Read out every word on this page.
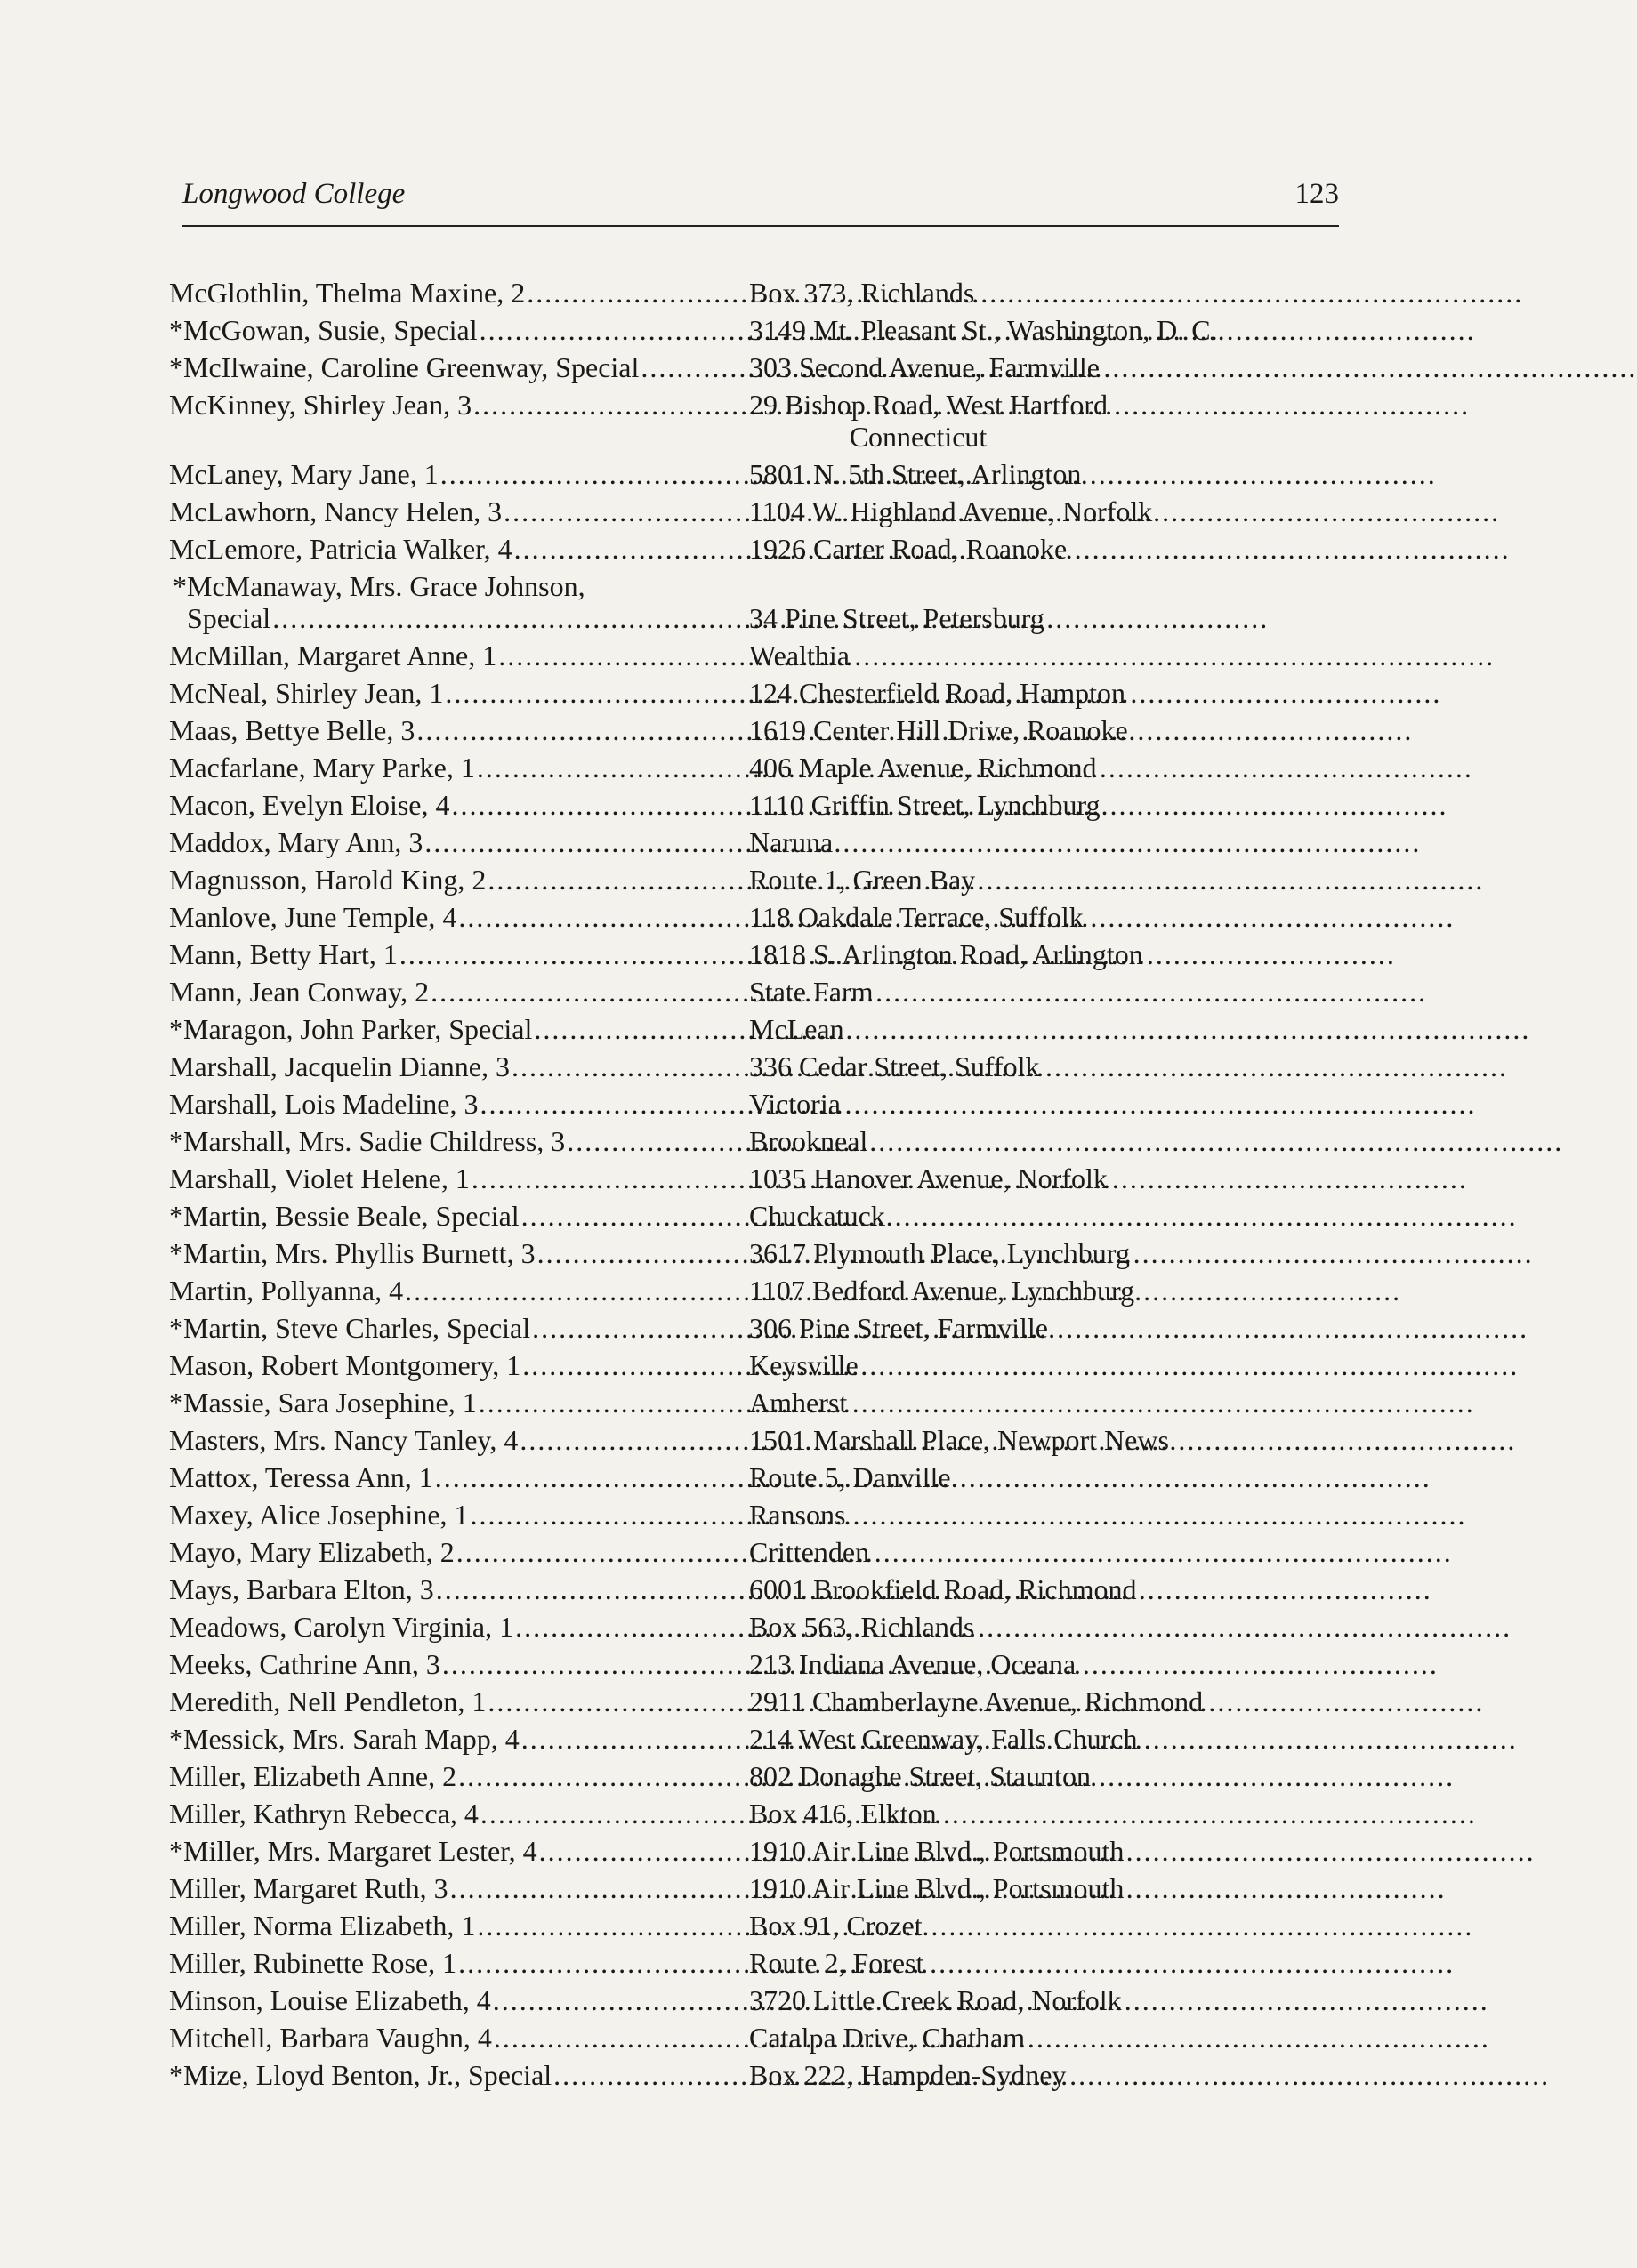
Longwood College	123
McGlothlin, Thelma Maxine, 2 .....	Box 373, Richlands
* McGowan, Susie, Special .....	3149 Mt. Pleasant St., Washington, D. C.
* McIlwaine, Caroline Greenway, Special .....	303 Second Avenue, Farmville
McKinney, Shirley Jean, 3 .....	29 Bishop Road, West Hartford
Connecticut
McLaney, Mary Jane, 1 .....	5801 N. 5th Street, Arlington
McLawhorn, Nancy Helen, 3 .....	1104 W. Highland Avenue, Norfolk
McLemore, Patricia Walker, 4 .....	1926 Carter Road, Roanoke
*McManaway, Mrs. Grace Johnson,
Special .....	34 Pine Street, Petersburg
McMillan, Margaret Anne, 1 .....	Wealthia
McNeal, Shirley Jean, 1 .....	124 Chesterfield Road, Hampton
Maas, Bettye Belle, 3 .....	1619 Center Hill Drive, Roanoke
Macfarlane, Mary Parke, 1 .....	406 Maple Avenue, Richmond
Macon, Evelyn Eloise, 4 .....	1110 Griffin Street, Lynchburg
Maddox, Mary Ann, 3 .....	Naruna
Magnusson, Harold King, 2 .....	Route 1, Green Bay
Manlove, June Temple, 4 .....	118 Oakdale Terrace, Suffolk
Mann, Betty Hart, 1 .....	1818 S. Arlington Road, Arlington
Mann, Jean Conway, 2 .....	State Farm
* Maragon, John Parker, Special .....	McLean
Marshall, Jacquelin Dianne, 3 .....	336 Cedar Street, Suffolk
Marshall, Lois Madeline, 3 .....	Victoria
* Marshall, Mrs. Sadie Childress, 3 .....	Brookneal
Marshall, Violet Helene, 1 .....	1035 Hanover Avenue, Norfolk
* Martin, Bessie Beale, Special .....	Chuckatuck
* Martin, Mrs. Phyllis Burnett, 3 .....	3617 Plymouth Place, Lynchburg
Martin, Pollyanna, 4 .....	1107 Bedford Avenue, Lynchburg
* Martin, Steve Charles, Special .....	306 Pine Street, Farmville
Mason, Robert Montgomery, 1 .....	Keysville
* Massie, Sara Josephine, 1 .....	Amherst
Masters, Mrs. Nancy Tanley, 4 .....	1501 Marshall Place, Newport News
Mattox, Teressa Ann, 1 .....	Route 5, Danville
Maxey, Alice Josephine, 1 .....	Ransons
Mayo, Mary Elizabeth, 2 .....	Crittenden
Mays, Barbara Elton, 3 .....	6001 Brookfield Road, Richmond
Meadows, Carolyn Virginia, 1 .....	Box 563, Richlands
Meeks, Cathrine Ann, 3 .....	213 Indiana Avenue, Oceana
Meredith, Nell Pendleton, 1 .....	2911 Chamberlayne Avenue, Richmond
* Messick, Mrs. Sarah Mapp, 4 .....	214 West Greenway, Falls Church
Miller, Elizabeth Anne, 2 .....	802 Donaghe Street, Staunton
Miller, Kathryn Rebecca, 4 .....	Box 416, Elkton
* Miller, Mrs. Margaret Lester, 4 .....	1910 Air Line Blvd., Portsmouth
Miller, Margaret Ruth, 3 .....	1910 Air Line Blvd., Portsmouth
Miller, Norma Elizabeth, 1 .....	Box 91, Crozet
Miller, Rubinette Rose, 1 .....	Route 2, Forest
Minson, Louise Elizabeth, 4 .....	3720 Little Creek Road, Norfolk
Mitchell, Barbara Vaughn, 4 .....	Catalpa Drive, Chatham
* Mize, Lloyd Benton, Jr., Special .....	Box 222, Hampden-Sydney
